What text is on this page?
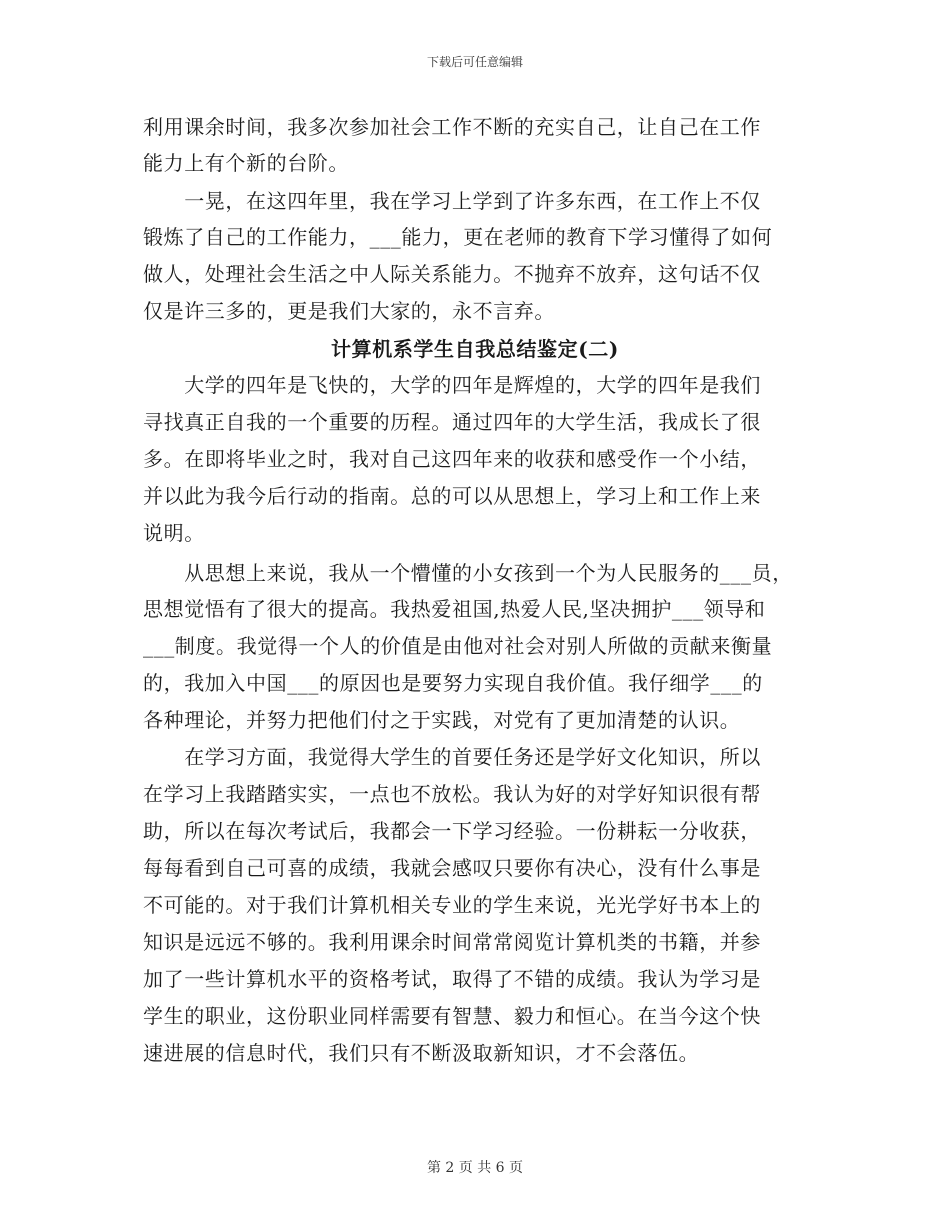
下载后可任意编辑
利用课余时间，我多次参加社会工作不断的充实自己，让自己在工作
能力上有个新的台阶。
　　一晃，在这四年里，我在学习上学到了许多东西，在工作上不仅
锻炼了自己的工作能力，___能力，更在老师的教育下学习懂得了如何
做人，处理社会生活之中人际关系能力。不抛弃不放弃，这句话不仅
仅是许三多的，更是我们大家的，永不言弃。
计算机系学生自我总结鉴定(二)
　　大学的四年是飞快的，大学的四年是辉煌的，大学的四年是我们
寻找真正自我的一个重要的历程。通过四年的大学生活，我成长了很
多。在即将毕业之时，我对自己这四年来的收获和感受作一个小结，
并以此为我今后行动的指南。总的可以从思想上，学习上和工作上来
说明。
　　从思想上来说，我从一个懵懂的小女孩到一个为人民服务的___员，
思想觉悟有了很大的提高。我热爱祖国,热爱人民,坚决拥护___领导和
___制度。我觉得一个人的价值是由他对社会对别人所做的贡献来衡量
的，我加入中国___的原因也是要努力实现自我价值。我仔细学___的
各种理论，并努力把他们付之于实践，对党有了更加清楚的认识。
　　在学习方面，我觉得大学生的首要任务还是学好文化知识，所以
在学习上我踏踏实实，一点也不放松。我认为好的对学好知识很有帮
助，所以在每次考试后，我都会一下学习经验。一份耕耘一分收获，
每每看到自己可喜的成绩，我就会感叹只要你有决心，没有什么事是
不可能的。对于我们计算机相关专业的学生来说，光光学好书本上的
知识是远远不够的。我利用课余时间常常阅览计算机类的书籍，并参
加了一些计算机水平的资格考试，取得了不错的成绩。我认为学习是
学生的职业，这份职业同样需要有智慧、毅力和恒心。在当今这个快
速进展的信息时代，我们只有不断汲取新知识，才不会落伍。
第 2 页 共 6 页
